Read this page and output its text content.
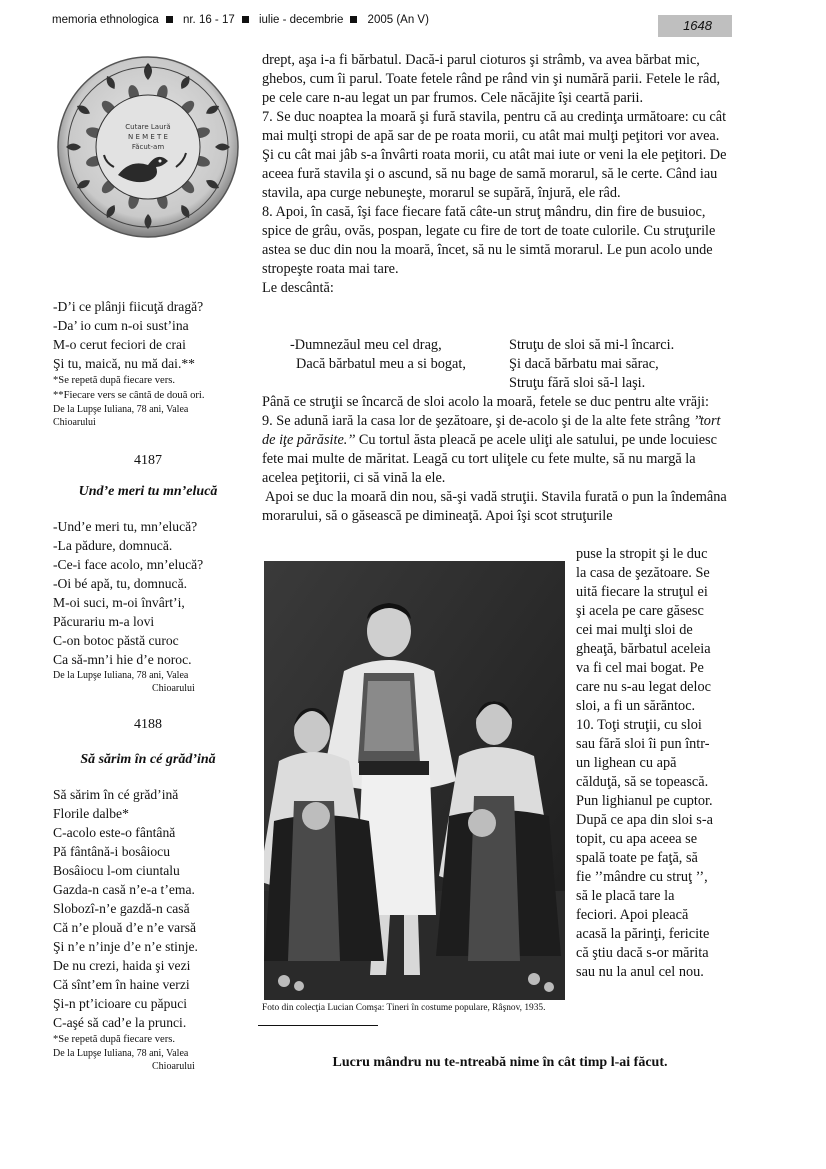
memoria ethnologica nr. 16 - 17 iulie - decembrie 2005 (An V)	1648
Cutare Laură
N E M E T E
Făcut-am
-D’i ce plânji fiicuţă dragă?
-Da’ io cum n-oi sust’ina
M-o cerut feciori de crai
Şi tu, maică, nu mă dai.**
*Se repetă după fiecare vers.
**Fiecare vers se cântă de două ori.
De la Lupşe Iuliana, 78 ani, Valea
Chioarului
4187
Und’e meri tu mn’elucă
-Und’e meri tu, mn’elucă?
-La pădure, domnucă.
-Ce-i face acolo, mn’elucă?
-Oi bé apă, tu, domnucă.
M-oi suci, m-oi învârt’i,
Păcurariu m-a lovi
C-on botoc păstă curoc
Ca să-mn’i hie d’e noroc.
De la Lupşe Iuliana, 78 ani, Valea
Chioarului
4188
Să sărim în cé grăd’ină
Să sărim în cé grăd’ină
Florile dalbe*
C-acolo este-o fântână
Pă fântână-i bosâiocu
Bosâiocu l-om ciuntalu
Gazda-n casă n’e-a t’ema.
Slobozî-n’e gazdă-n casă
Că n’e plouă d’e n’e varsă
Şi n’e n’inje d’e n’e stinje.
De nu crezi, haida şi vezi
Că sînt’em în haine verzi
Şi-n pt’icioare cu păpuci
C-aşé să cad’e la prunci.
*Se repetă după fiecare vers.
De la Lupşe Iuliana, 78 ani, Valea
Chioarului

drept, aşa i-a fi bărbatul. Dacă-i parul cioturos şi strâmb, va avea bărbat mic, ghebos, cum îi parul. Toate fetele rând pe rând vin şi numără parii. Fetele le râd, pe cele care n-au legat un par frumos. Cele năcăjite îşi ceartă parii.

7. Se duc noaptea la moară şi fură stavila, pentru că au credinţa următoare: cu cât mai mulţi stropi de apă sar de pe roata morii, cu atât mai mulţi peţitori vor avea. Şi cu cât mai jâb s-a învârti roata morii, cu atât mai iute or veni la ele peţitori. De aceea fură stavila şi o ascund, să nu bage de samă morarul, să le certe. Când iau stavila, apa curge nebuneşte, morarul se supără, înjură, ele râd.

8. Apoi, în casă, îşi face fiecare fată câte-un struţ mândru, din fire de busuioc, spice de grâu, ovăs, pospan, legate cu fire de tort de toate culorile. Cu struţurile astea se duc din nou la moară, încet, să nu le simtă morarul. Le pun acolo unde stropeşte roata mai tare.

Le descântă:

-Dumnezăul meu cel drag,
Dacă bărbatul meu a si bogat,
Struţu de sloi să mi-l încarci.
Şi dacă bărbatu mai sărac,
Struţu fără sloi să-l laşi.

Până ce struţii se încarcă de sloi acolo la moară, fetele se duc pentru alte vrăji:

9. Se adună iară la casa lor de şezătoare, şi de-acolo şi de la alte fete strâng ’’tort de iţe părăsite.’’ Cu tortul ăsta pleacă pe acele uliţi ale satului, pe unde locuiesc fete mai multe de măritat. Leagă cu tort uliţele cu fete multe, să nu margă la acelea peţitorii, ci să vină la ele.

Apoi se duc la moară din nou, să-şi vadă struţii. Stavila furată o pun la îndemâna morarului, să o găsească pe dimineaţă. Apoi îşi scot struţurile

Foto din colecţia Lucian Comşa: Tineri în costume populare, Râşnov, 1935.
puse la stropit şi le duc
la casa de şezătoare. Se
uită fiecare la struţul ei
şi acela pe care găsesc
cei mai mulţi sloi de
gheaţă, bărbatul aceleia
va fi cel mai bogat. Pe
care nu s-au legat deloc
sloi, a fi un sărăntoc.
10. Toţi struţii, cu sloi
sau fără sloi îi pun într-
un lighean cu apă
călduţă, să se topească.
Pun lighianul pe cuptor.
După ce apa din sloi s-a
topit, cu apa aceea se
spală toate pe faţă, să
fie ’’mândre cu struţ ’’,
să le placă tare la
feciori. Apoi pleacă
acasă la părinţi, fericite
că ştiu dacă s-or mărita
sau nu la anul cel nou.
Lucru mândru nu te-ntreabă nime în cât timp l-ai făcut.
